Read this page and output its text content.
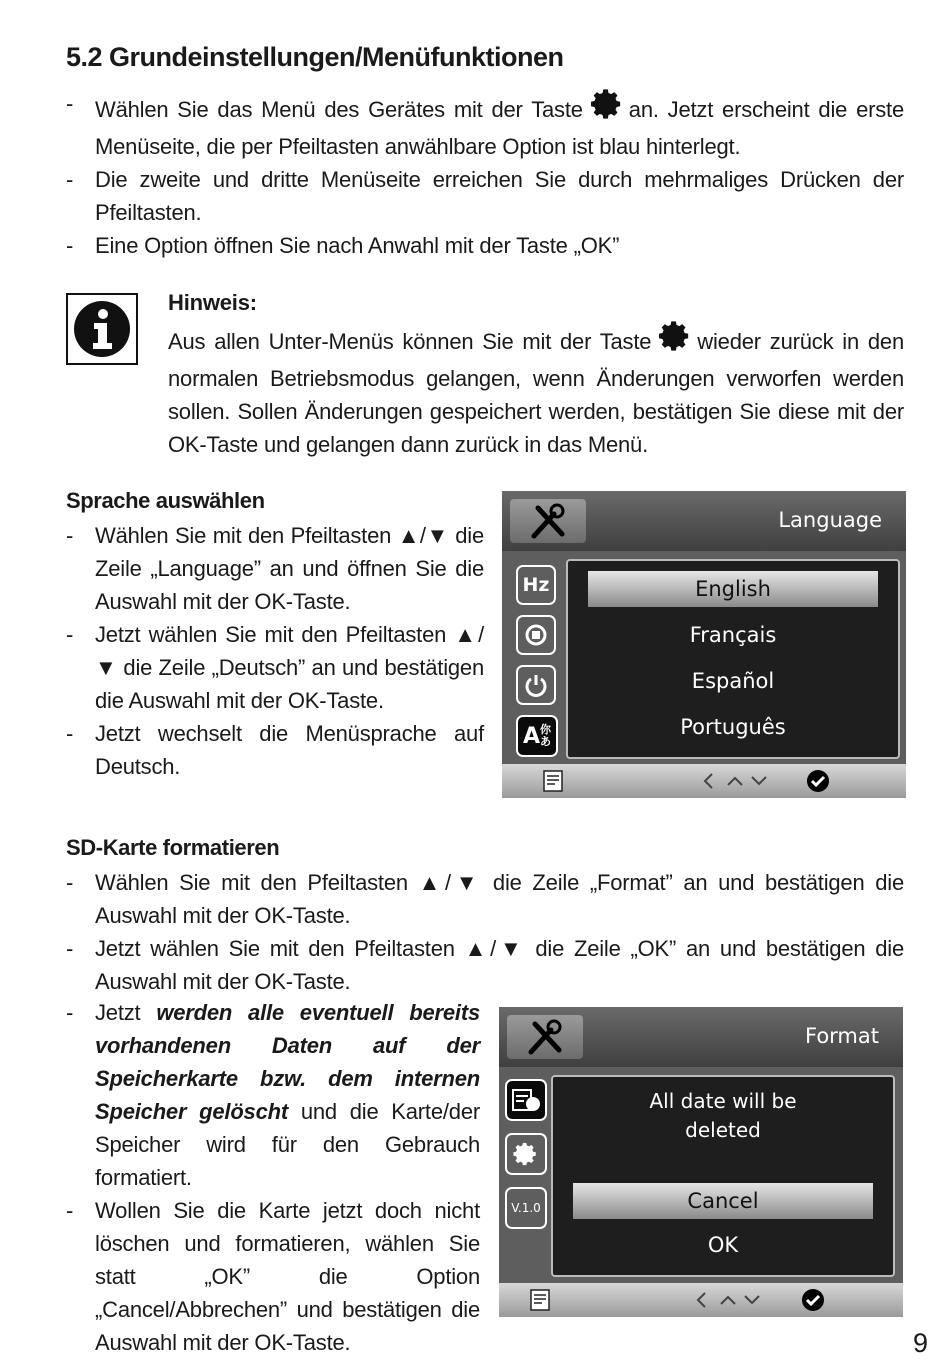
5.2 Grundeinstellungen/Menüfunktionen
- Wählen Sie das Menü des Gerätes mit der Taste an. Jetzt erscheint die erste Menüseite, die per Pfeiltasten anwählbare Option ist blau hinterlegt.
- Die zweite und dritte Menüseite erreichen Sie durch mehrmaliges Drücken der Pfeiltasten.
- Eine Option öffnen Sie nach Anwahl mit der Taste „OK”
Hinweis:
Aus allen Unter-Menüs können Sie mit der Taste wieder zurück in den normalen Betriebsmodus gelangen, wenn Änderungen verworfen werden sollen. Sollen Änderungen gespeichert werden, bestätigen Sie diese mit der OK-Taste und gelangen dann zurück in das Menü.

Sprache auswählen

- Wählen Sie mit den Pfeiltasten ▲/▼ die Zeile „Language” an und öffnen Sie die Auswahl mit der OK-Taste.
- Jetzt wählen Sie mit den Pfeiltasten ▲/▼ die Zeile „Deutsch” an und bestätigen die Auswahl mit der OK-Taste.
- Jetzt wechselt die Menüsprache auf Deutsch.
Language
Hz
A 你
あ
English
Français
Español
Português

SD-Karte formatieren

- Wählen Sie mit den Pfeiltasten ▲/▼ die Zeile „Format” an und bestätigen die Auswahl mit der OK-Taste.
- Jetzt wählen Sie mit den Pfeiltasten ▲/▼ die Zeile „OK” an und bestätigen die Auswahl mit der OK-Taste.
- Jetzt werden alle eventuell bereits vorhandenen Daten auf der Speicherkarte bzw. dem internen Speicher gelöscht und die Karte/der Speicher wird für den Gebrauch formatiert.
- Wollen Sie die Karte jetzt doch nicht löschen und formatieren, wählen Sie statt „OK” die Option „Cancel/Abbrechen” und bestätigen die Auswahl mit der OK-Taste.
Format
V.1.0
All date will be
deleted
Cancel
OK
9
